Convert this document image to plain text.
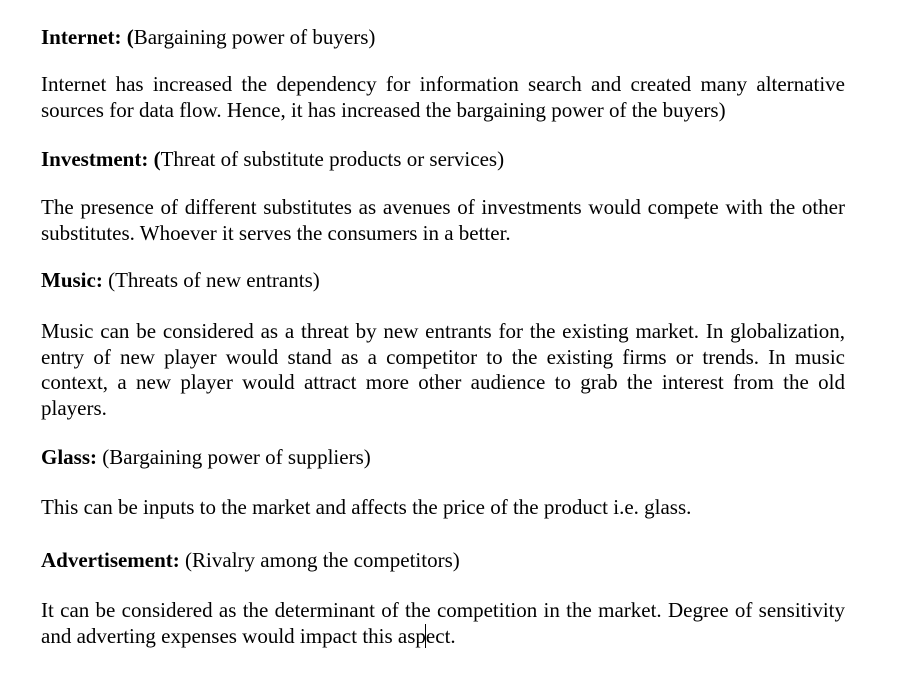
Internet: (Bargaining power of buyers)
Internet has increased the dependency for information search and created many alternative sources for data flow. Hence, it has increased the bargaining power of the buyers)
Investment: (Threat of substitute products or services)
The presence of different substitutes as avenues of investments would compete with the other substitutes. Whoever it serves the consumers in a better.
Music: (Threats of new entrants)
Music can be considered as a threat by new entrants for the existing market. In globalization, entry of new player would stand as a competitor to the existing firms or trends. In music context, a new player would attract more other audience to grab the interest from the old players.
Glass: (Bargaining power of suppliers)
This can be inputs to the market and affects the price of the product i.e. glass.
Advertisement: (Rivalry among the competitors)
It can be considered as the determinant of the competition in the market. Degree of sensitivity and adverting expenses would impact this aspect.
